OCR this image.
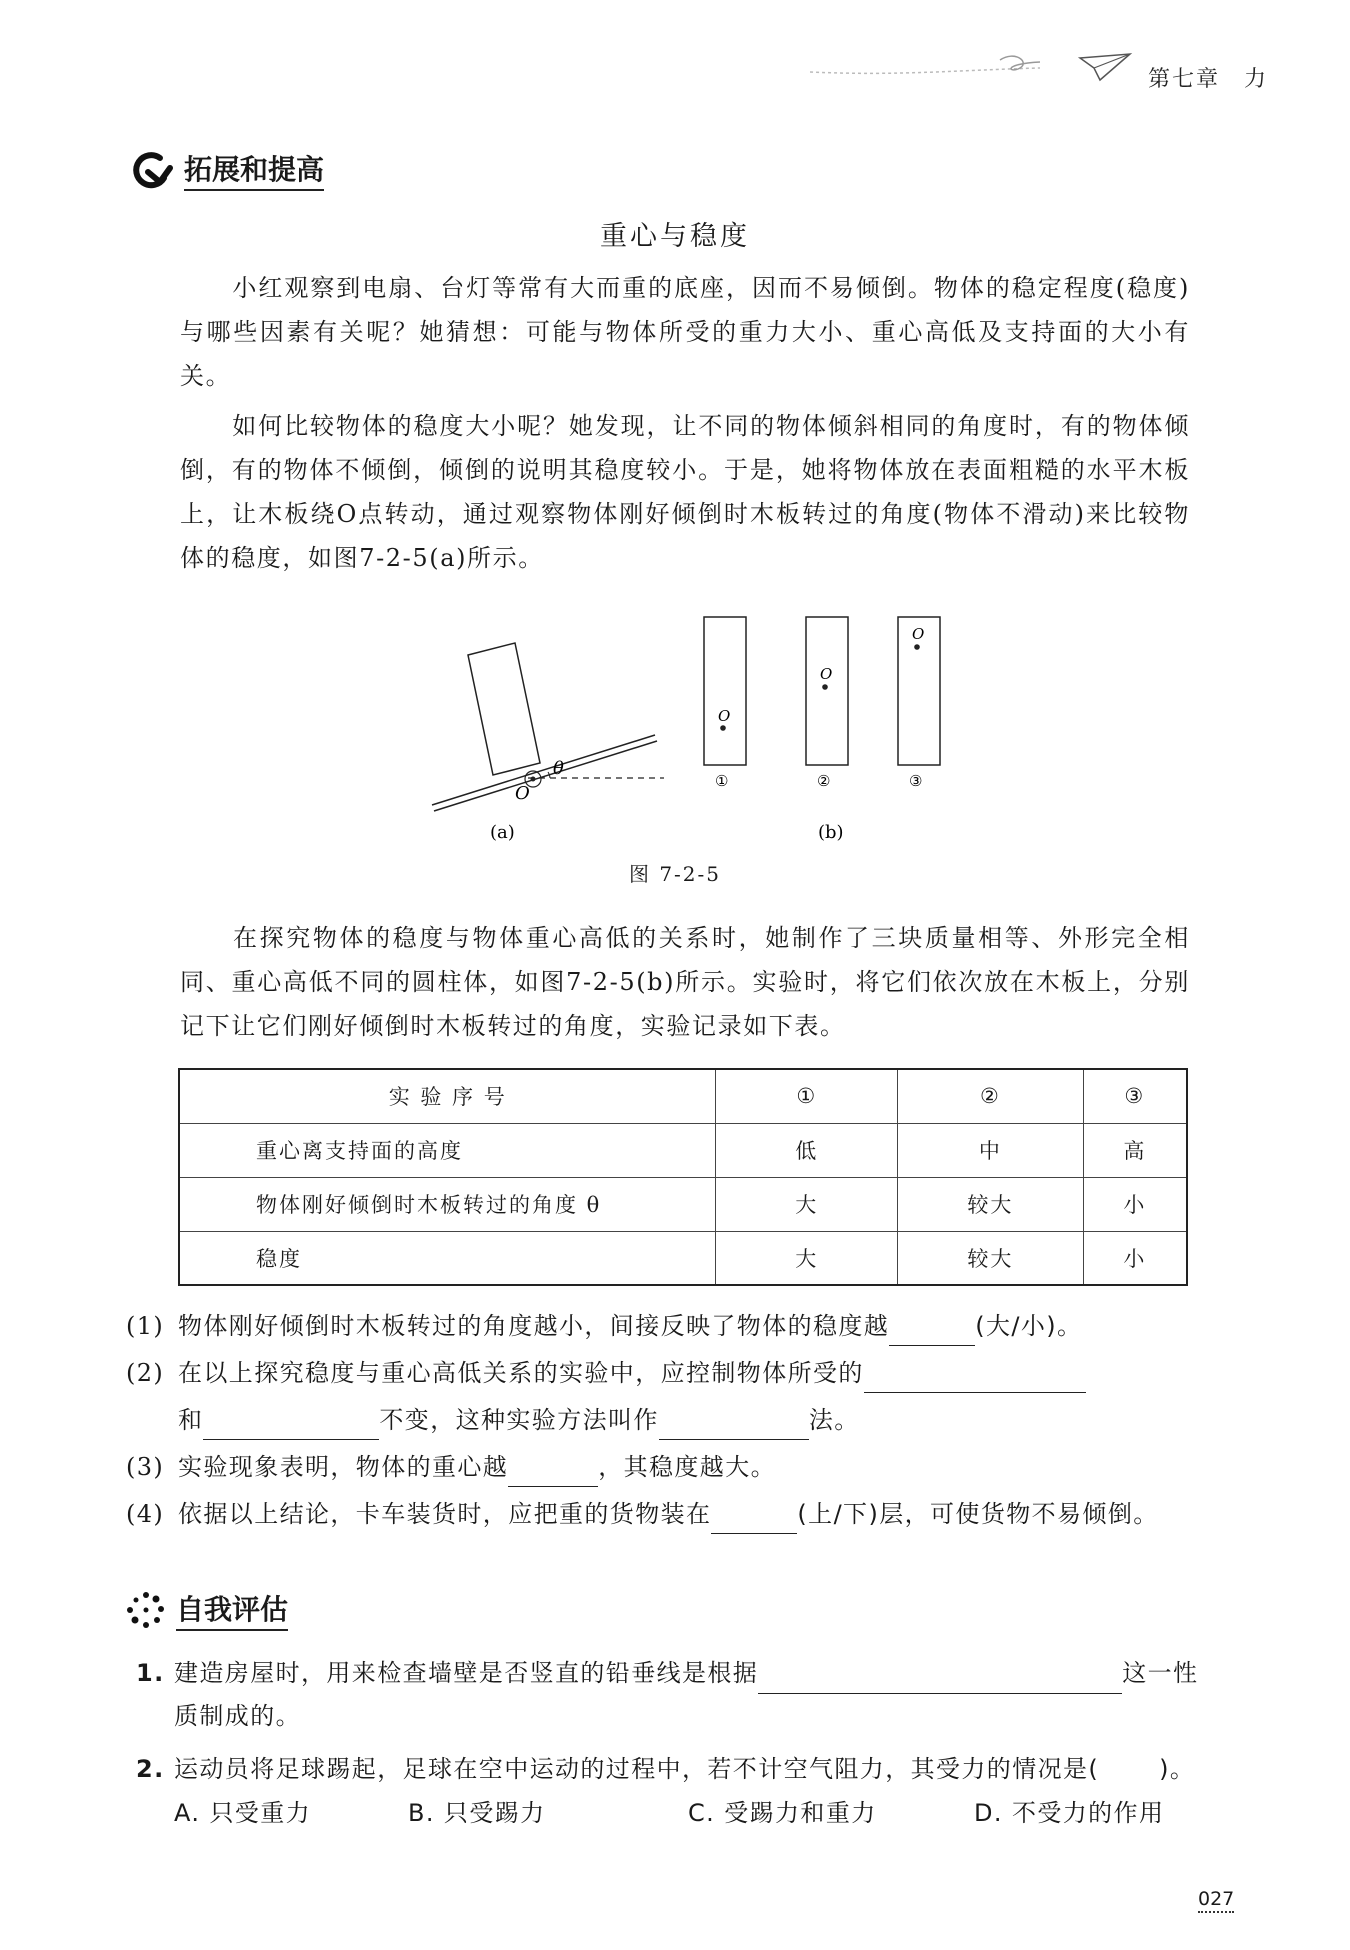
第七章　力
拓展和提高
重心与稳度
小红观察到电扇、台灯等常有大而重的底座，因而不易倾倒。物体的稳定程度(稳度)与哪些因素有关呢？她猜想：可能与物体所受的重力大小、重心高低及支持面的大小有关。
如何比较物体的稳度大小呢？她发现，让不同的物体倾斜相同的角度时，有的物体倾倒，有的物体不倾倒，倾倒的说明其稳度较小。于是，她将物体放在表面粗糙的水平木板上，让木板绕O点转动，通过观察物体刚好倾倒时木板转过的角度(物体不滑动)来比较物体的稳度，如图7-2-5(a)所示。
O
θ
(a)
O
①
O
②
O
③
(b)
图 7-2-5
在探究物体的稳度与物体重心高低的关系时，她制作了三块质量相等、外形完全相同、重心高低不同的圆柱体，如图7-2-5(b)所示。实验时，将它们依次放在木板上，分别记下让它们刚好倾倒时木板转过的角度，实验记录如下表。
实 验 序 号	①	②	③
重心离支持面的高度	低	中	高
物体刚好倾倒时木板转过的角度 θ	大	较大	小
稳度	大	较大	小
(1) 物体刚好倾倒时木板转过的角度越小，间接反映了物体的稳度越	(大/小)。
(2) 在以上探究稳度与重心高低关系的实验中，应控制物体所受的
和	不变，这种实验方法叫作	法。
(3) 实验现象表明，物体的重心越	，其稳度越大。
(4) 依据以上结论，卡车装货时，应把重的货物装在	(上/下)层，可使货物不易倾倒。
自我评估
1. 建造房屋时，用来检查墙壁是否竖直的铅垂线是根据	这一性
质制成的。
2. 运动员将足球踢起，足球在空中运动的过程中，若不计空气阻力，其受力的情况是(	)。
A. 只受重力	B. 只受踢力	C. 受踢力和重力	D. 不受力的作用
027
